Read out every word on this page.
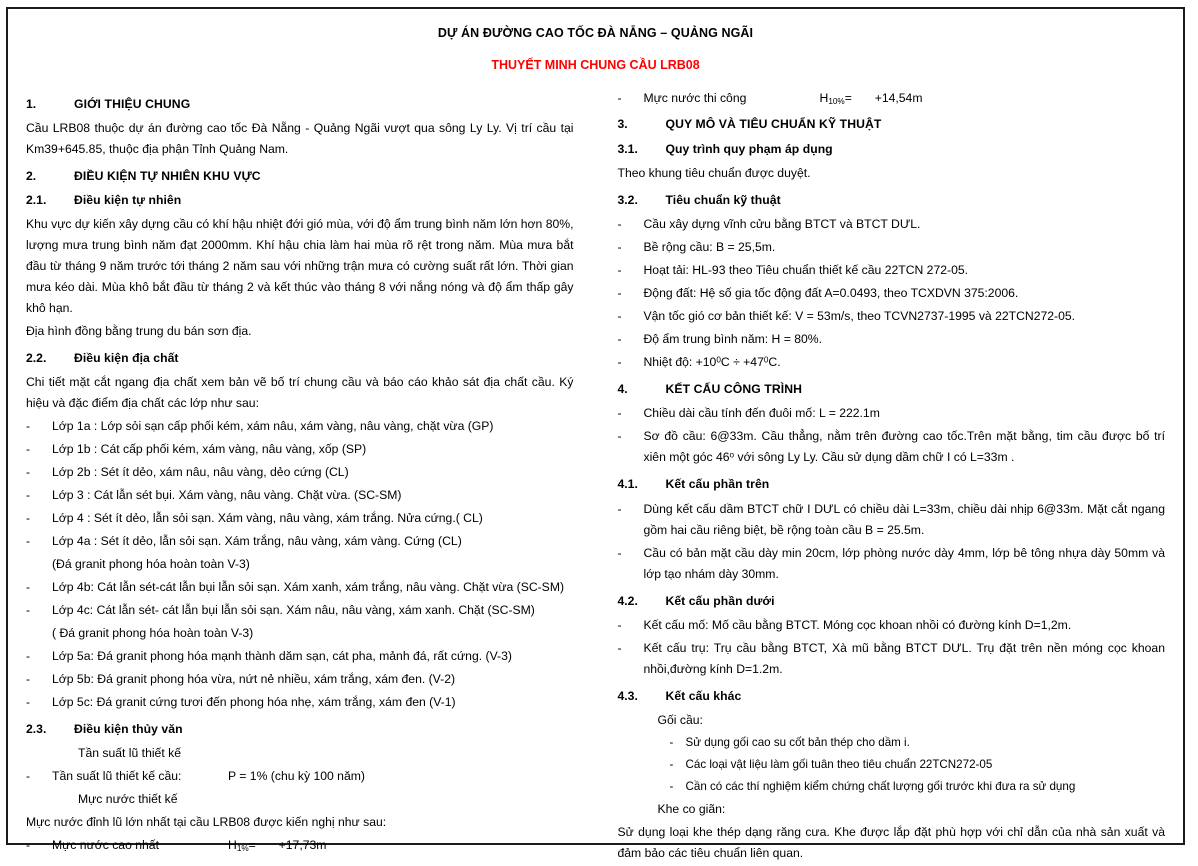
DỰ ÁN ĐƯỜNG CAO TỐC ĐÀ NẴNG – QUẢNG NGÃI
THUYẾT MINH CHUNG CẦU LRB08
1.	GIỚI THIỆU CHUNG

Cầu LRB08 thuộc dự án đường cao tốc Đà Nẵng - Quảng Ngãi vượt qua sông Ly Ly. Vị trí cầu tại Km39+645.85, thuộc địa phận Tỉnh Quảng Nam.

2.	ĐIỀU KIỆN TỰ NHIÊN KHU VỰC
2.1.	Điều kiện tự nhiên

Khu vực dự kiến xây dựng cầu có khí hậu nhiệt đới gió mùa, với độ ẩm trung bình năm lớn hơn 80%, lượng mưa trung bình năm đạt 2000mm. Khí hậu chia làm hai mùa rõ rệt trong năm. Mùa mưa bắt đầu từ tháng 9 năm trước tới tháng 2 năm sau với những trận mưa có cường suất rất lớn. Thời gian mưa kéo dài. Mùa khô bắt đầu từ tháng 2 và kết thúc vào tháng 8 với nắng nóng và độ ẩm thấp gây khô hạn.

Địa hình đồng bằng trung du bán sơn địa.

2.2.	Điều kiện địa chất

Chi tiết mặt cắt ngang địa chất xem bản vẽ bố trí chung cầu và báo cáo khảo sát địa chất cầu. Ký hiệu và đặc điểm địa chất các lớp như sau:

-	Lớp 1a : Lớp sỏi sạn cấp phối kém, xám nâu, xám vàng, nâu vàng, chặt vừa (GP)
-	Lớp 1b : Cát cấp phối kém, xám vàng, nâu vàng, xốp (SP)
-	Lớp 2b : Sét ít dẻo, xám nâu, nâu vàng, dẻo cứng (CL)
-	Lớp 3 : Cát lẫn sét bụi. Xám vàng, nâu vàng. Chặt vừa. (SC-SM)
-	Lớp 4 : Sét ít dẻo, lẫn sỏi sạn. Xám vàng, nâu vàng, xám trắng. Nửa cứng.( CL)
-	Lớp 4a : Sét ít dẻo, lẫn sỏi sạn. Xám trắng, nâu vàng, xám vàng. Cứng (CL)
(Đá granit phong hóa hoàn toàn V-3)
-	Lớp 4b: Cát lẫn sét-cát lẫn bụi lẫn sỏi sạn. Xám xanh, xám trắng, nâu vàng. Chặt vừa (SC-SM)
-	Lớp 4c: Cát lẫn sét- cát lẫn bụi lẫn sỏi sạn. Xám nâu, nâu vàng, xám xanh. Chặt (SC-SM)
( Đá granit phong hóa hoàn toàn V-3)
-	Lớp 5a: Đá granit phong hóa mạnh thành dăm sạn, cát pha, mảnh đá, rất cứng. (V-3)
-	Lớp 5b: Đá granit phong hóa vừa, nứt nẻ nhiều, xám trắng, xám đen. (V-2)
-	Lớp 5c: Đá granit cứng tươi đến phong hóa nhẹ, xám trắng, xám đen (V-1)
2.3.	Điều kiện thủy văn
Tần suất lũ thiết kế
-	Tần suất lũ thiết kế cầu:	P = 1% (chu kỳ 100 năm)
Mực nước thiết kế

Mực nước đỉnh lũ lớn nhất tại cầu LRB08 được kiến nghị như sau:

-	Mực nước cao nhất	$H_{1\%}= +17,73m$
-	Mực nước thi công	$H_{10\%}= +14,54m$
3.	QUY MÔ VÀ TIÊU CHUẨN KỸ THUẬT
3.1.	Quy trình quy phạm áp dụng

Theo khung tiêu chuẩn được duyệt.

3.2.	Tiêu chuẩn kỹ thuật
-	Cầu xây dựng vĩnh cửu bằng BTCT và BTCT DƯL.
-	Bề rộng cầu: B = 25,5m.
-	Hoạt tải: HL-93 theo Tiêu chuẩn thiết kế cầu 22TCN 272-05.
-	Động đất: Hệ số gia tốc động đất A=0.0493, theo TCXDVN 375:2006.
-	Vận tốc gió cơ bản thiết kế: V = 53m/s, theo TCVN2737-1995 và 22TCN272-05.
-	Độ ẩm trung bình năm: H = 80%.
-	Nhiệt độ: $+10^0C \div +47^0C$.
4.	KẾT CẤU CÔNG TRÌNH
-	Chiều dài cầu tính đến đuôi mố: L = 222.1m
-	Sơ đồ cầu: 6@33m. Cầu thẳng, nằm trên đường cao tốc.Trên mặt bằng, tim cầu được bố trí xiên một góc 46$^o$ với sông Ly Ly. Cầu sử dụng dầm chữ I có L=33m .
4.1.	Kết cấu phần trên
-	Dùng kết cấu dầm BTCT chữ I DƯL có chiều dài L=33m, chiều dài nhịp 6@33m. Mặt cắt ngang gồm hai cầu riêng biệt, bề rộng toàn cầu B = 25.5m.
-	Cầu có bản mặt cầu dày min 20cm, lớp phòng nước dày 4mm, lớp bê tông nhựa dày 50mm và lớp tạo nhám dày 30mm.
4.2.	Kết cấu phần dưới
-	Kết cấu mố: Mố cầu bằng BTCT. Móng cọc khoan nhồi có đường kính D=1,2m.
-	Kết cấu trụ: Trụ cầu bằng BTCT, Xà mũ bằng BTCT DƯL. Trụ đặt trên nền móng cọc khoan nhồi,đường kính D=1.2m.
4.3.	Kết cấu khác
Gối cầu:
-	Sử dụng gối cao su cốt bản thép cho dầm i.
-	Các loại vật liệu làm gối tuân theo tiêu chuẩn 22TCN272-05
-	Cần có các thí nghiệm kiểm chứng chất lượng gối trước khi đưa ra sử dụng
Khe co giãn:

Sử dụng loại khe thép dạng răng cưa. Khe được lắp đặt phù hợp với chỉ dẫn của nhà sản xuất và đảm bảo các tiêu chuẩn liên quan.
